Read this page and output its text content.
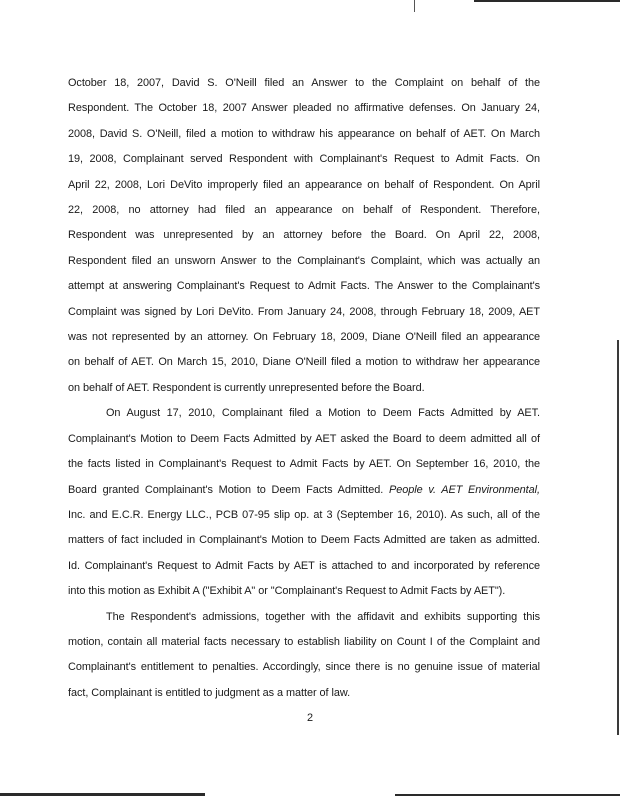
October 18, 2007, David S. O'Neill filed an Answer to the Complaint on behalf of the
Respondent. The October 18, 2007 Answer pleaded no affirmative defenses. On January 24,
2008, David S. O'Neill, filed a motion to withdraw his appearance on behalf of AET. On March
19, 2008, Complainant served Respondent with Complainant's Request to Admit Facts. On
April 22, 2008, Lori DeVito improperly filed an appearance on behalf of Respondent. On April
22, 2008, no attorney had filed an appearance on behalf of Respondent. Therefore,
Respondent was unrepresented by an attorney before the Board. On April 22, 2008,
Respondent filed an unsworn Answer to the Complainant's Complaint, which was actually an
attempt at answering Complainant's Request to Admit Facts. The Answer to the Complainant's
Complaint was signed by Lori DeVito. From January 24, 2008, through February 18, 2009, AET
was not represented by an attorney. On February 18, 2009, Diane O'Neill filed an appearance
on behalf of AET. On March 15, 2010, Diane O'Neill filed a motion to withdraw her appearance
on behalf of AET. Respondent is currently unrepresented before the Board.

On August 17, 2010, Complainant filed a Motion to Deem Facts Admitted by AET.
Complainant's Motion to Deem Facts Admitted by AET asked the Board to deem admitted all of
the facts listed in Complainant's Request to Admit Facts by AET. On September 16, 2010, the
Board granted Complainant's Motion to Deem Facts Admitted. People v. AET Environmental,
Inc. and E.C.R. Energy LLC., PCB 07-95 slip op. at 3 (September 16, 2010). As such, all of the
matters of fact included in Complainant's Motion to Deem Facts Admitted are taken as admitted.
Id. Complainant's Request to Admit Facts by AET is attached to and incorporated by reference
into this motion as Exhibit A ("Exhibit A" or "Complainant's Request to Admit Facts by AET").

The Respondent's admissions, together with the affidavit and exhibits supporting this
motion, contain all material facts necessary to establish liability on Count I of the Complaint and
Complainant's entitlement to penalties. Accordingly, since there is no genuine issue of material
fact, Complainant is entitled to judgment as a matter of law.

2
